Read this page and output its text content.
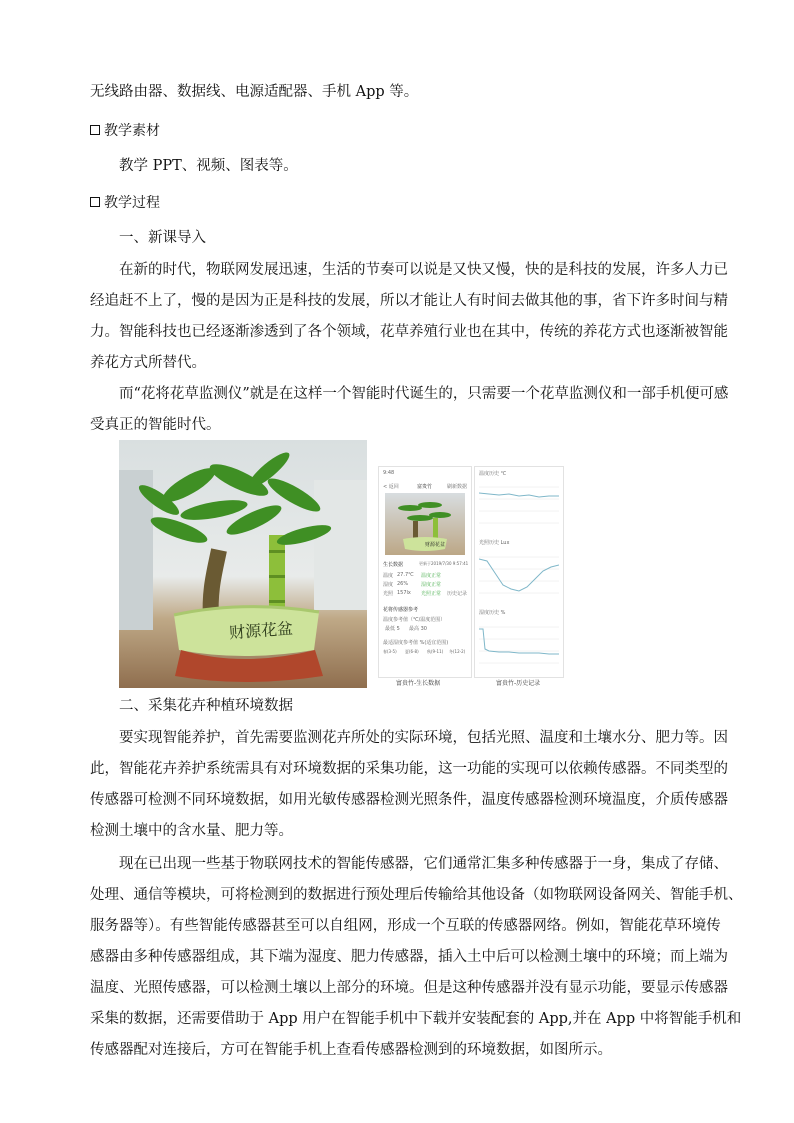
无线路由器、数据线、电源适配器、手机 App 等。
教学素材
教学 PPT、视频、图表等。
教学过程
一、新课导入
在新的时代，物联网发展迅速，生活的节奏可以说是又快又慢，快的是科技的发展，许多人力已
经追赶不上了，慢的是因为正是科技的发展，所以才能让人有时间去做其他的事，省下许多时间与精
力。智能科技也已经逐渐渗透到了各个领域，花草养殖行业也在其中，传统的养花方式也逐渐被智能
养花方式所替代。
而“花将花草监测仪”就是在这样一个智能时代诞生的，只需要一个花草监测仪和一部手机便可感
受真正的智能时代。
财源花盆
9:48
< 返回	富贵竹	刷新数据
财源花盆
生长数据	更新于2019/7/30 9:57:41
温度 27.7℃ 温度正常
湿度 26%	湿度正常
光照 157lx 光照正常 历史记录
花将传感器参考
温度参考值（℃/温度范围）
最低 5 最高 30
最适湿度参考值 %(适宜范围)
春(3-5) 夏(6-8) 秋(9-11) 冬(12-2)
富贵竹-生长数据
温度历史 ℃
光照历史 Lux
湿度历史 %
富贵竹-历史记录
二、采集花卉种植环境数据
要实现智能养护，首先需要监测花卉所处的实际环境，包括光照、温度和土壤水分、肥力等。因
此，智能花卉养护系统需具有对环境数据的采集功能，这一功能的实现可以依赖传感器。不同类型的
传感器可检测不同环境数据，如用光敏传感器检测光照条件，温度传感器检测环境温度，介质传感器
检测土壤中的含水量、肥力等。
现在已出现一些基于物联网技术的智能传感器，它们通常汇集多种传感器于一身，集成了存储、
处理、通信等模块，可将检测到的数据进行预处理后传输给其他设备（如物联网设备网关、智能手机、
服务器等）。有些智能传感器甚至可以自组网，形成一个互联的传感器网络。例如，智能花草环境传
感器由多种传感器组成，其下端为湿度、肥力传感器，插入土中后可以检测土壤中的环境；而上端为
温度、光照传感器，可以检测土壤以上部分的环境。但是这种传感器并没有显示功能，要显示传感器
采集的数据，还需要借助于 App 用户在智能手机中下载并安装配套的 App,并在 App 中将智能手机和
传感器配对连接后，方可在智能手机上查看传感器检测到的环境数据，如图所示。
